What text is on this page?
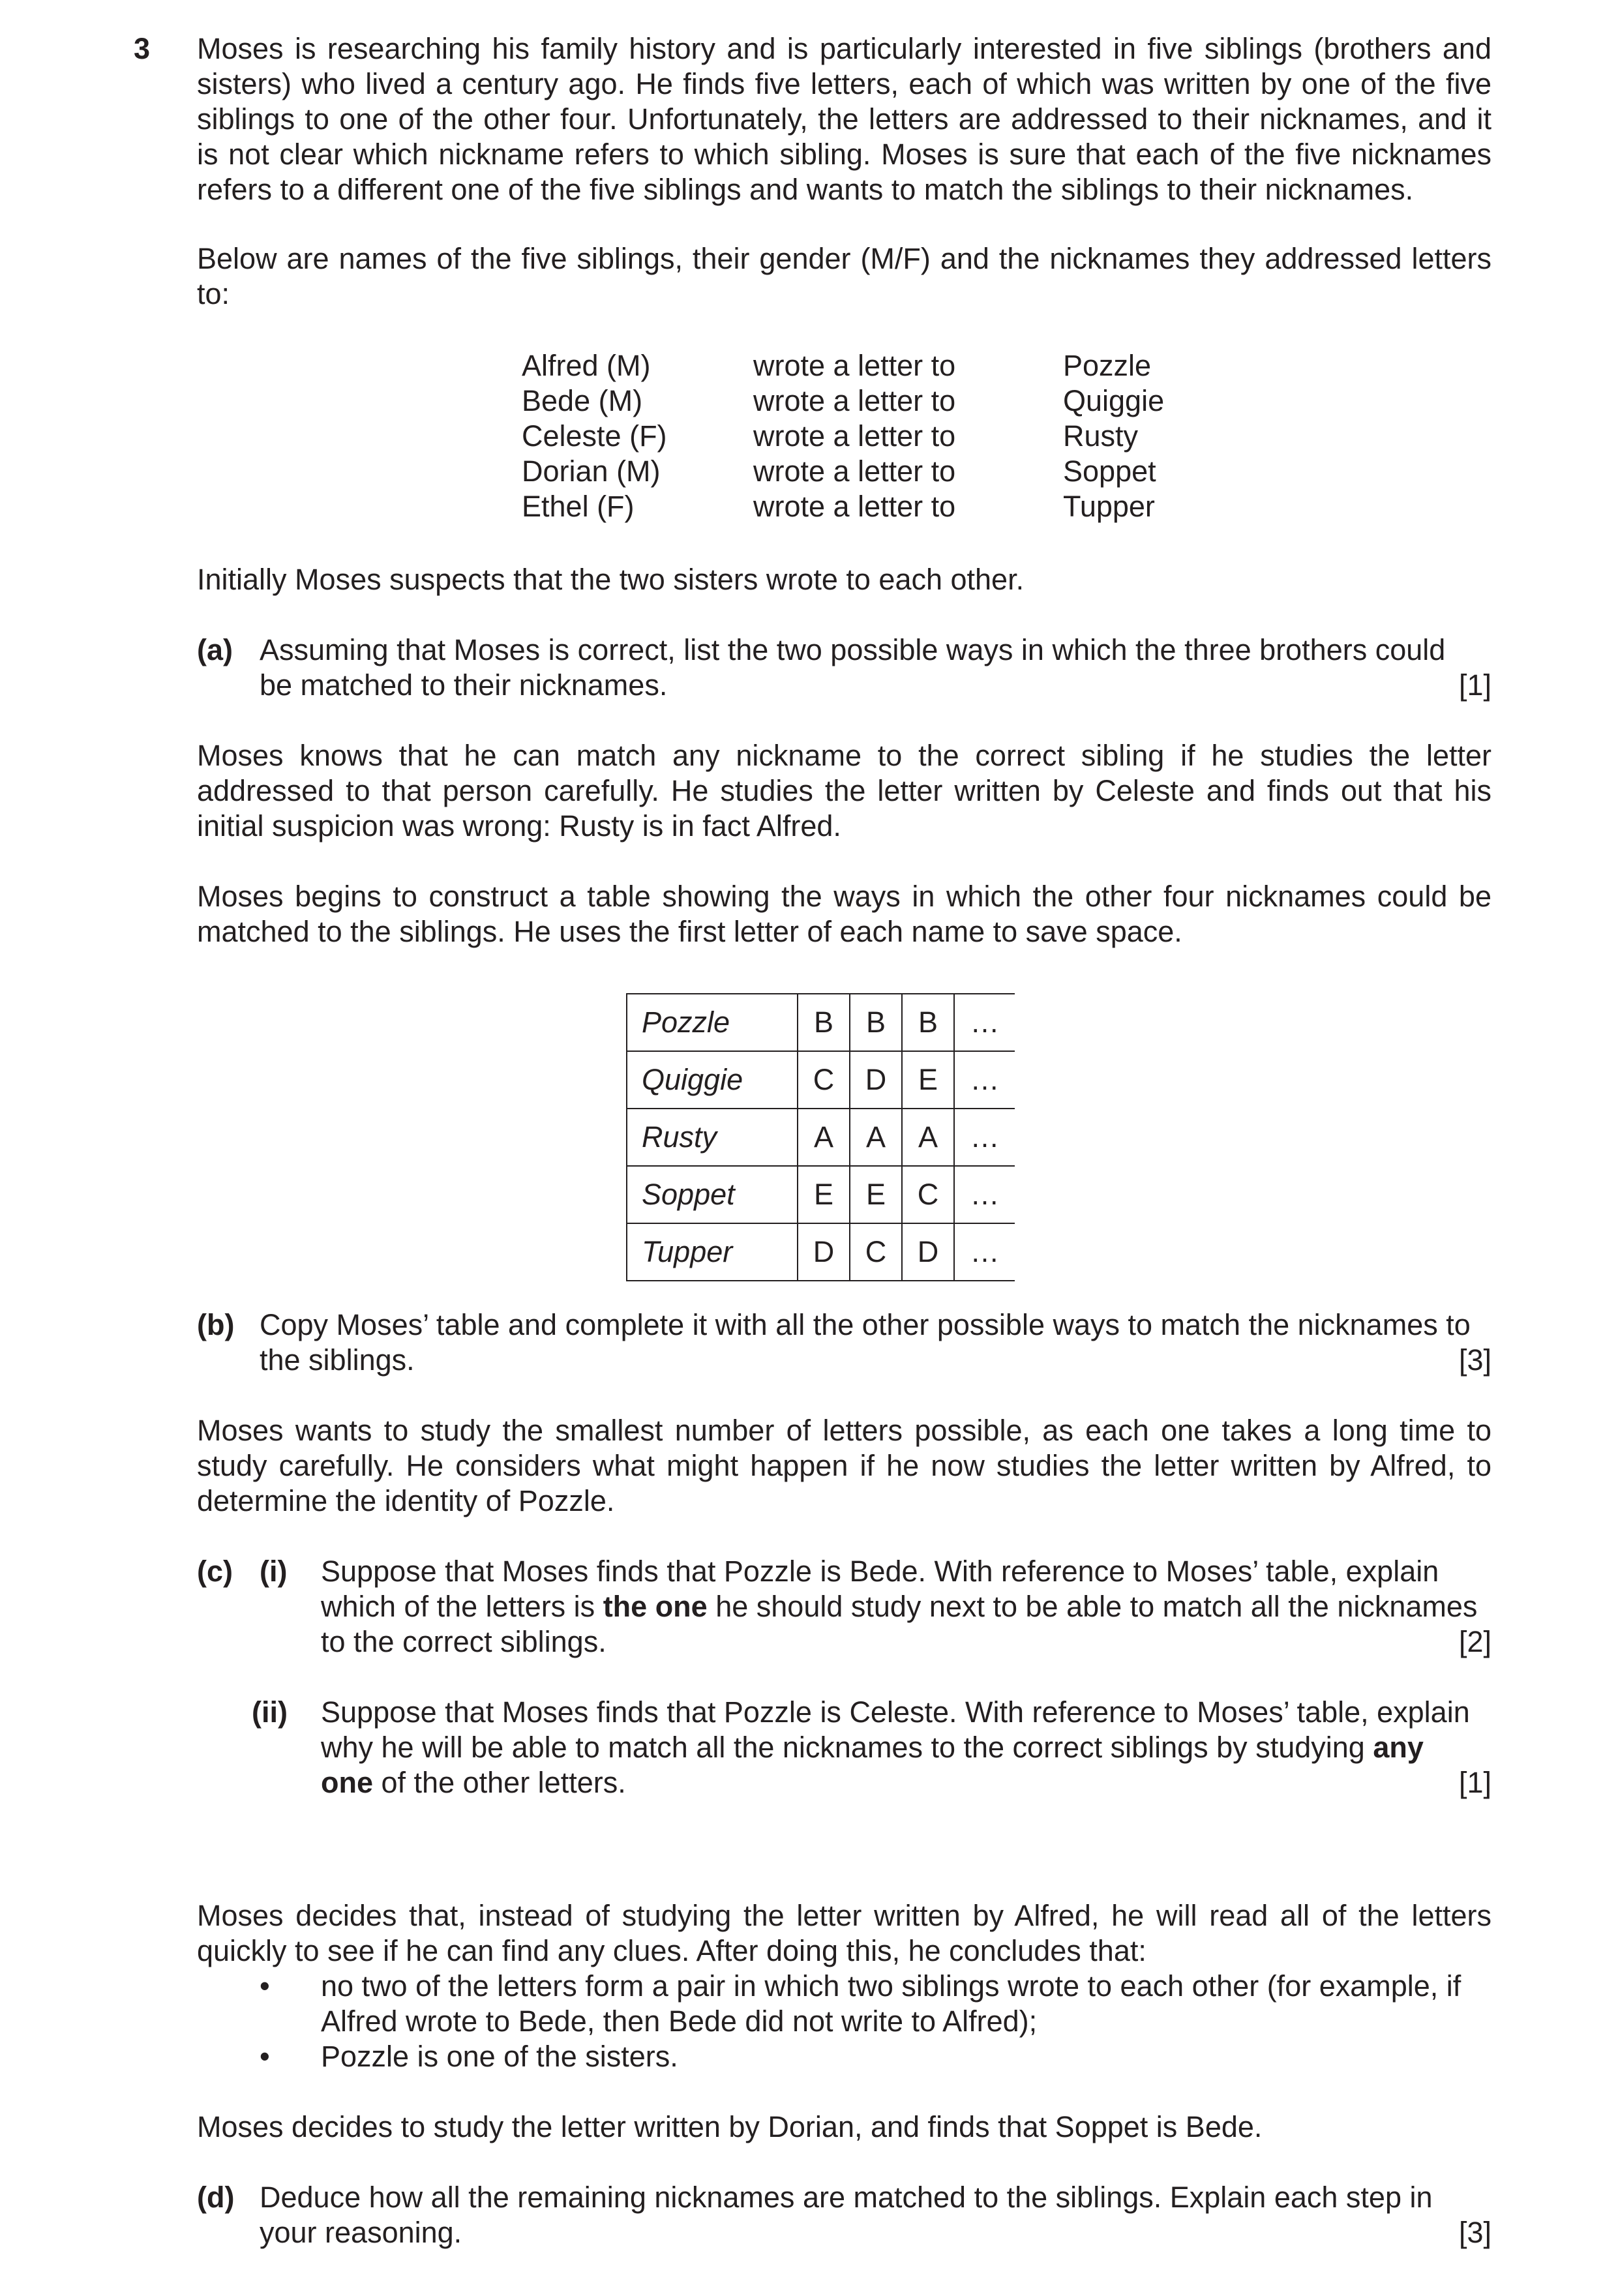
3 Moses is researching his family history and is particularly interested in five siblings (brothers and sisters) who lived a century ago. He finds five letters, each of which was written by one of the five siblings to one of the other four. Unfortunately, the letters are addressed to their nicknames, and it is not clear which nickname refers to which sibling. Moses is sure that each of the five nicknames refers to a different one of the five siblings and wants to match the siblings to their nicknames.

Below are names of the five siblings, their gender (M/F) and the nicknames they addressed letters to:

Alfred (M)	wrote a letter to	Pozzle
Bede (M)	wrote a letter to	Quiggie
Celeste (F)	wrote a letter to	Rusty
Dorian (M)	wrote a letter to	Soppet
Ethel (F)	wrote a letter to	Tupper

Initially Moses suspects that the two sisters wrote to each other.

(a) Assuming that Moses is correct, list the two possible ways in which the three brothers could
be matched to their nicknames.	[1]

Moses knows that he can match any nickname to the correct sibling if he studies the letter addressed to that person carefully. He studies the letter written by Celeste and finds out that his initial suspicion was wrong: Rusty is in fact Alfred.

Moses begins to construct a table showing the ways in which the other four nicknames could be matched to the siblings. He uses the first letter of each name to save space.

Pozzle	B	B	B	…
Quiggie	C	D	E	…
Rusty	A	A	A	…
Soppet	E	E	C	…
Tupper	D	C	D	…
(b) Copy Moses’ table and complete it with all the other possible ways to match the nicknames to
the siblings.	[3]

Moses wants to study the smallest number of letters possible, as each one takes a long time to study carefully. He considers what might happen if he now studies the letter written by Alfred, to determine the identity of Pozzle.

(c) (i) Suppose that Moses finds that Pozzle is Bede. With reference to Moses’ table, explain
which of the letters is the one he should study next to be able to match all the nicknames
to the correct siblings.	[2]
(ii) Suppose that Moses finds that Pozzle is Celeste. With reference to Moses’ table, explain
why he will be able to match all the nicknames to the correct siblings by studying any
one of the other letters.	[1]

Moses decides that, instead of studying the letter written by Alfred, he will read all of the letters quickly to see if he can find any clues. After doing this, he concludes that:

• no two of the letters form a pair in which two siblings wrote to each other (for example, if
Alfred wrote to Bede, then Bede did not write to Alfred);
• Pozzle is one of the sisters.

Moses decides to study the letter written by Dorian, and finds that Soppet is Bede.

(d) Deduce how all the remaining nicknames are matched to the siblings. Explain each step in
your reasoning.	[3]
